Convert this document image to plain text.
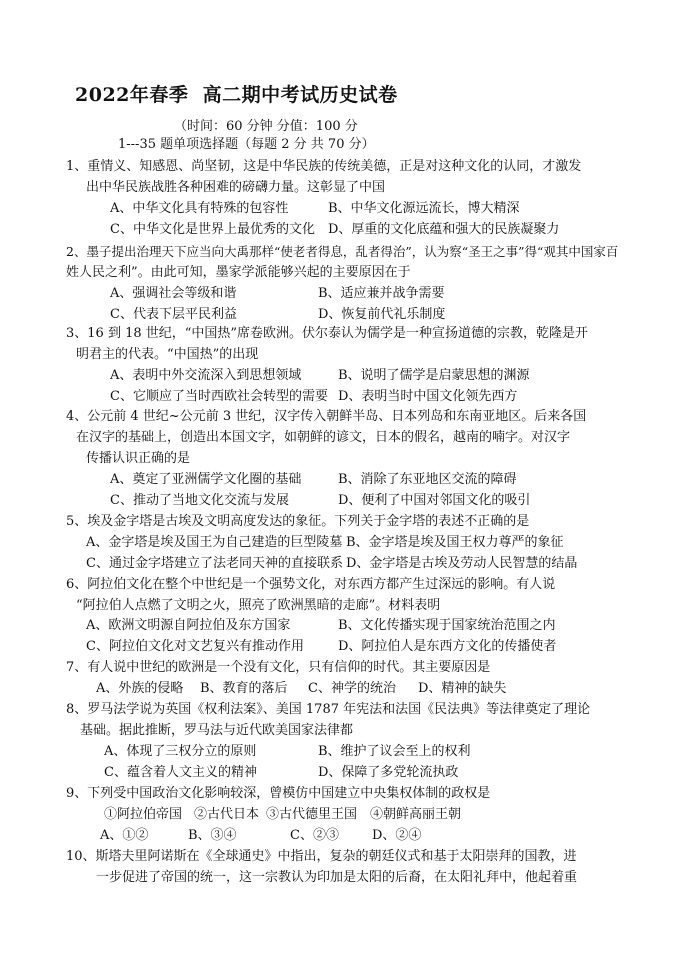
2022年春季  高二期中考试历史试卷
（时间：60 分钟 分值：100 分
1---35 题单项选择题（每题 2 分 共 70 分）
1、重情义、知感恩、尚坚韧，这是中华民族的传统美德，正是对这种文化的认同，才激发
出中华民族战胜各种困难的磅礴力量。这彰显了中国
A、中华文化具有特殊的包容性	B、中华文化源远流长，博大精深
C、中华文化是世界上最优秀的文化 D、厚重的文化底蕴和强大的民族凝聚力
2、墨子提出治理天下应当向大禹那样“使老者得息，乱者得治”，认为察“圣王之事”得“观其中国家百
姓人民之利”。由此可知，墨家学派能够兴起的主要原因在于
A、强调社会等级和谐	B、适应兼并战争需要
C、代表下层平民利益	D、恢复前代礼乐制度
3、16 到 18 世纪，“中国热”席卷欧洲。伏尔泰认为儒学是一种宣扬道德的宗教，乾隆是开
明君主的代表。“中国热”的出现
A、表明中外交流深入到思想领域	B、说明了儒学是启蒙思想的渊源
C、它顺应了当时西欧社会转型的需要 D、表明当时中国文化领先西方
4、公元前 4 世纪~公元前 3 世纪，汉字传入朝鲜半岛、日本列岛和东南亚地区。后来各国
在汉字的基础上，创造出本国文字，如朝鲜的谚文，日本的假名，越南的喃字。对汉字
传播认识正确的是
A、奠定了亚洲儒学文化圈的基础	B、消除了东亚地区交流的障碍
C、推动了当地文化交流与发展	D、便利了中国对邻国文化的吸引
5、埃及金字塔是古埃及文明高度发达的象征。下列关于金字塔的表述不正确的是
A、金字塔是埃及国王为自己建造的巨型陵墓 B、金字塔是埃及国王权力尊严的象征
C、通过金字塔建立了法老同天神的直接联系 D、金字塔是古埃及劳动人民智慧的结晶
6、阿拉伯文化在整个中世纪是一个强势文化，对东西方都产生过深远的影响。有人说
“阿拉伯人点燃了文明之火，照亮了欧洲黑暗的走廊”。材料表明
A、欧洲文明源自阿拉伯及东方国家	B、文化传播实现于国家统治范围之内
C、阿拉伯文化对文艺复兴有推动作用	D、阿拉伯人是东西方文化的传播使者
7、有人说中世纪的欧洲是一个没有文化，只有信仰的时代。其主要原因是
A、外族的侵略 B、教育的落后 C、神学的统治 D、精神的缺失
8、罗马法学说为英国《权利法案》、美国 1787 年宪法和法国《民法典》等法律奠定了理论
基础。据此推断，罗马法与近代欧美国家法律都
A、体现了三权分立的原则	B、维护了议会至上的权利
C、蕴含着人文主义的精神	D、保障了多党轮流执政
9、下列受中国政治文化影响较深，曾模仿中国建立中央集权体制的政权是
①阿拉伯帝国 ②古代日本 ③古代德里王国 ④朝鲜高丽王朝
A、①②	B、③④	C、②③	D、②④
10、斯塔夫里阿诺斯在《全球通史》中指出，复杂的朝廷仪式和基于太阳崇拜的国教，进
一步促进了帝国的统一，这一宗教认为印加是太阳的后裔，在太阳礼拜中，他起着重
